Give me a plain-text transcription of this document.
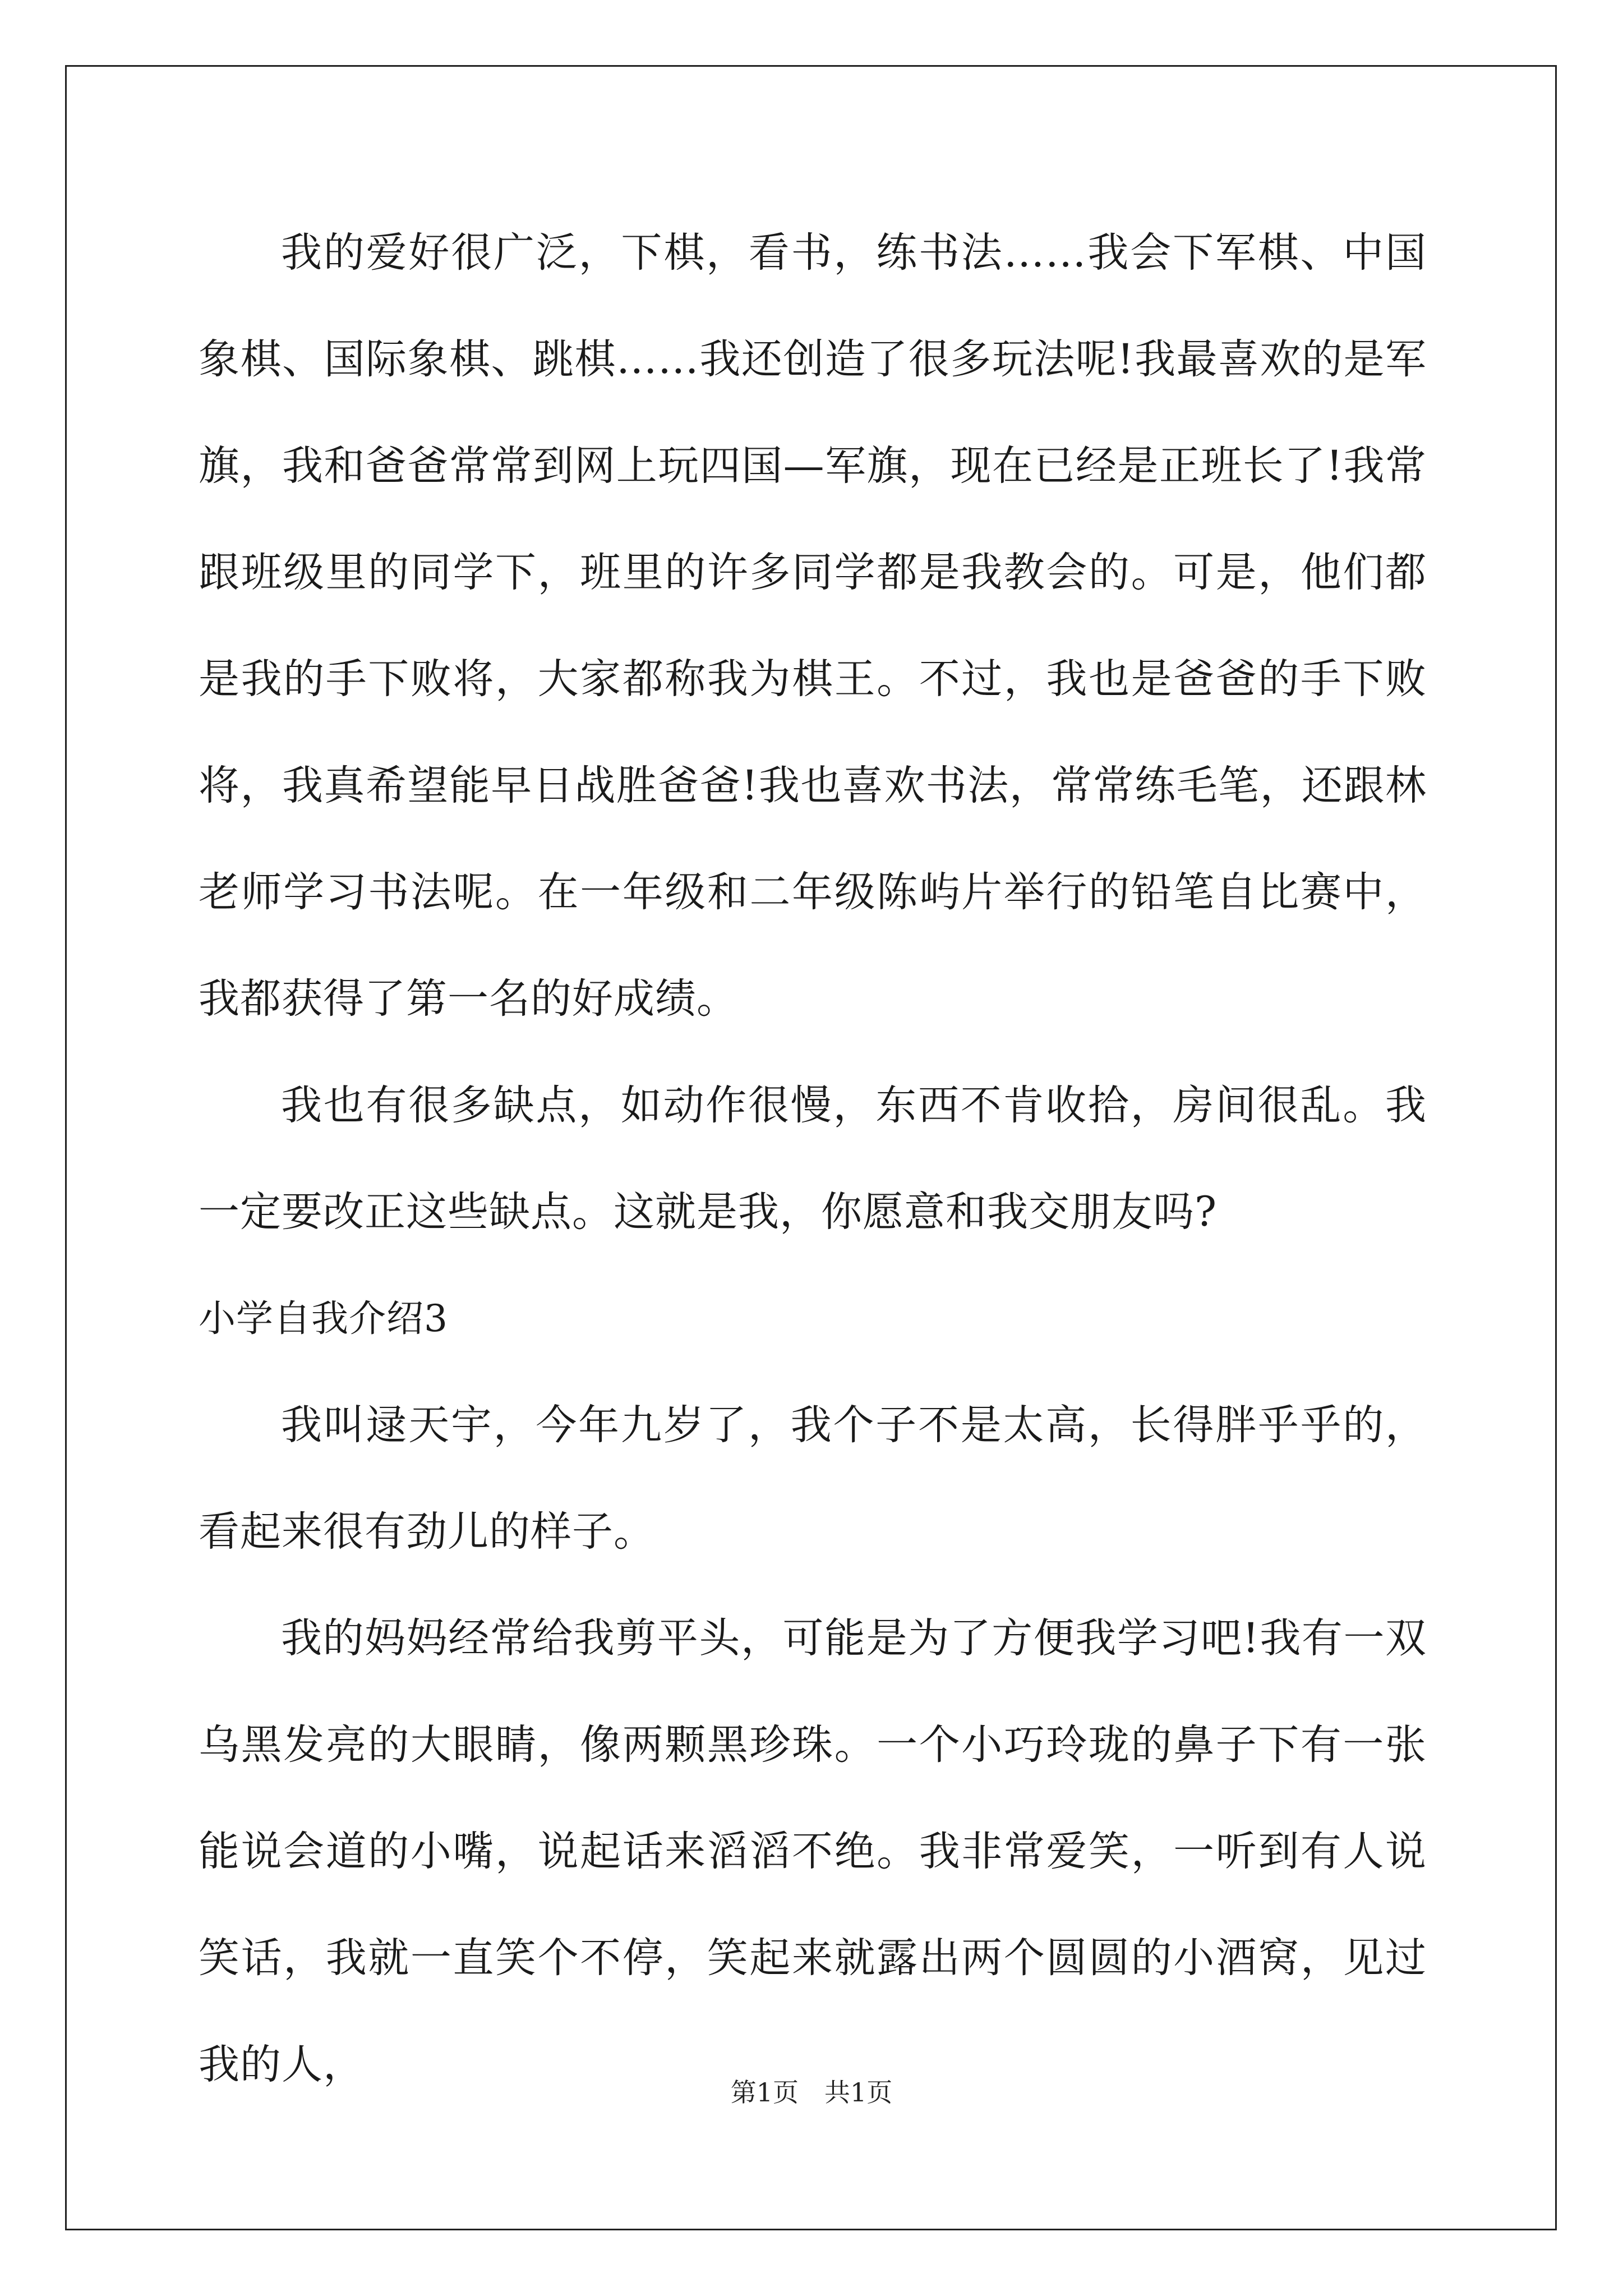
我的爱好很广泛，下棋，看书，练书法……我会下军棋、中国象棋、国际象棋、跳棋……我还创造了很多玩法呢!我最喜欢的是军旗，我和爸爸常常到网上玩四国—军旗，现在已经是正班长了!我常跟班级里的同学下，班里的许多同学都是我教会的。可是，他们都是我的手下败将，大家都称我为棋王。不过，我也是爸爸的手下败将，我真希望能早日战胜爸爸!我也喜欢书法，常常练毛笔，还跟林老师学习书法呢。在一年级和二年级陈屿片举行的铅笔自比赛中，我都获得了第一名的好成绩。

我也有很多缺点，如动作很慢，东西不肯收拾，房间很乱。我一定要改正这些缺点。这就是我，你愿意和我交朋友吗?

小学自我介绍3

我叫逯天宇，今年九岁了，我个子不是太高，长得胖乎乎的，看起来很有劲儿的样子。

我的妈妈经常给我剪平头，可能是为了方便我学习吧!我有一双乌黑发亮的大眼睛，像两颗黑珍珠。一个小巧玲珑的鼻子下有一张能说会道的小嘴，说起话来滔滔不绝。我非常爱笑，一听到有人说笑话，我就一直笑个不停，笑起来就露出两个圆圆的小酒窝，见过我的人，

第1页　共1页
